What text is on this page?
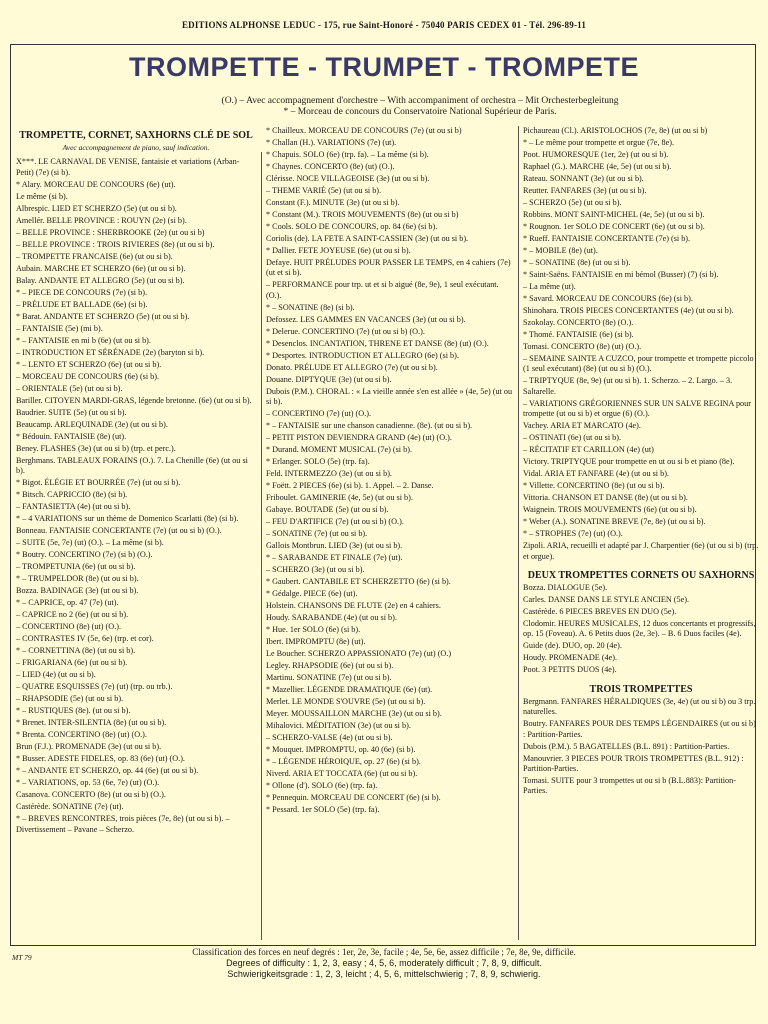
EDITIONS ALPHONSE LEDUC - 175, rue Saint-Honoré - 75040 PARIS CEDEX 01 - Tél. 296-89-11
TROMPETTE - TRUMPET - TROMPETE
(O.) – Avec accompagnement d'orchestre – With accompaniment of orchestra – Mit Orchesterbegleitung
* – Morceau de concours du Conservatoire National Supérieur de Paris.
TROMPETTE, CORNET, SAXHORNS CLÉ DE SOL
Avec accompagnement de piano, sauf indication.
X***. LE CARNAVAL DE VENISE, fantaisie et variations (Arban-Petit) (7e) (si b).
* Alary. MORCEAU DE CONCOURS (6e) (ut).
Le même (si b).
Albrespic. LIED ET SCHERZO (5e) (ut ou si b).
Amellér. BELLE PROVINCE : ROUYN (2e) (si b).
– BELLE PROVINCE : SHERBROOKE (2e) (ut ou si b)
– BELLE PROVINCE : TROIS RIVIERES (8e) (ut ou si b).
– TROMPETTE FRANCAISE (6e) (ut ou si b).
Aubain. MARCHE ET SCHERZO (6e) (ut ou si b).
Balay. ANDANTE ET ALLEGRO (5e) (ut ou si b).
* – PIECE DE CONCOURS (7e) (si b).
– PRÉLUDE ET BALLADE (6e) (si b).
* Barat. ANDANTE ET SCHERZO (5e) (ut ou si b).
– FANTAISIE (5e) (mi b).
* – FANTAISIE en mi b (6e) (ut ou si b).
– INTRODUCTION ET SÉRÉNADE (2e) (baryton si b).
* – LENTO ET SCHERZO (6e) (ut ou si b).
– MORCEAU DE CONCOURS (6e) (si b).
– ORIENTALE (5e) (ut ou si b).
Bariller. CITOYEN MARDI-GRAS, légende bretonne. (6e) (ut ou si b).
Baudrier. SUITE (5e) (ut ou si b).
Beaucamp. ARLEQUINADE (3e) (ut ou si b).
* Bédouin. FANTAISIE (8e) (ut).
Beney. FLASHES (3e) (ut ou si b) (trp. et perc.).
Berghmans. TABLEAUX FORAINS (O.). 7. La Chenille (6e) (ut ou si b).
* Bigot. ÉLÉGIE ET BOURRÉE (7e) (ut ou si b).
* Bitsch. CAPRICCIO (8e) (si b).
– FANTASIETTA (4e) (ut ou si b).
* – 4 VARIATIONS sur un thème de Domenico Scarlatti (8e) (si b).
Bonneau. FANTAISIE CONCERTANTE (7e) (ut ou si b) (O.).
– SUITE (5e, 7e) (ut) (O.). – La même (si b).
* Boutry. CONCERTINO (7e) (si b) (O.).
– TROMPETUNIA (6e) (ut ou si b).
* – TRUMPELDOR (8e) (ut ou si b).
Bozza. BADINAGE (3e) (ut ou si b).
* – CAPRICE, op. 47 (7e) (ut).
– CAPRICE no 2 (6e) (ut ou si b).
– CONCERTINO (8e) (ut) (O.).
– CONTRASTES IV (5e, 6e) (trp. et cor).
* – CORNETTINA (8e) (ut ou si b).
– FRIGARIANA (6e) (ut ou si b).
– LIED (4e) (ut ou si b).
– QUATRE ESQUISSES (7e) (ut) (trp. ou trb.).
– RHAPSODIE (5e) (ut ou si b).
* – RUSTIQUES (8e). (ut ou si b).
* Brenet. INTER-SILENTIA (8e) (ut ou si b).
* Brenta. CONCERTINO (8e) (ut) (O.).
Brun (F.J.). PROMENADE (3e) (ut ou si b).
* Busser. ADESTE FIDELES, op. 83 (6e) (ut) (O.).
* – ANDANTE ET SCHERZO, op. 44 (6e) (ut ou si b).
* – VARIATIONS, op. 53 (6e, 7e) (ut) (O.).
Casanova. CONCERTO (8e) (ut ou si b) (O.).
Castérède. SONATINE (7e) (ut).
* – BREVES RENCONTRES, trois pièces (7e, 8e) (ut ou si b). – Divertissement – Pavane – Scherzo.
* Chailleux. MORCEAU DE CONCOURS (7e) (ut ou si b)
* Challan (H.). VARIATIONS (7e) (ut).
* Chapuis. SOLO (6e) (trp. fa). – La même (si b).
* Chaynes. CONCERTO (8e) (ut) (O.).
Clérisse. NOCE VILLAGEOISE (3e) (ut ou si b).
– THEME VARIÉ (5e) (ut ou si b).
Constant (F.). MINUTE (3e) (ut ou si b).
* Constant (M.). TROIS MOUVEMENTS (8e) (ut ou si b)
* Cools. SOLO DE CONCOURS, op. 84 (6e) (si b).
Coriolis (de). LA FETE A SAINT-CASSIEN (3e) (ut ou si b).
* Dallier. FETE JOYEUSE (6e) (ut ou si b).
Defaye. HUIT PRÉLUDES POUR PASSER LE TEMPS, en 4 cahiers (7e) (ut et si b).
– PERFORMANCE pour trp. ut et si b aigué (8e, 9e), 1 seul exécutant. (O.).
* – SONATINE (8e) (si b).
Defossez. LES GAMMES EN VACANCES (3e) (ut ou si b).
* Delerue. CONCERTINO (7e) (ut ou si b) (O.).
* Desenclos. INCANTATION, THRENE ET DANSE (8e) (ut) (O.).
* Desportes. INTRODUCTION ET ALLEGRO (6e) (si b).
Donato. PRÉLUDE ET ALLEGRO (7e) (ut ou si b).
Douane. DIPTYQUE (3e) (ut ou si b).
Dubois (P.M.). CHORAL : « La vieille année s'en est allée » (4e, 5e) (ut ou si b).
– CONCERTINO (7e) (ut) (O.).
* – FANTAISIE sur une chanson canadienne. (8e). (ut ou si b).
– PETIT PISTON DEVIENDRA GRAND (4e) (ut) (O.).
* Durand. MOMENT MUSICAL (7e) (si b).
* Erlanger. SOLO (5e) (trp. fa).
Feld. INTERMEZZO (3e) (ut ou si b).
* Foëtt. 2 PIECES (6e) (si b). 1. Appel. – 2. Danse.
Friboulet. GAMINERIE (4e, 5e) (ut ou si b).
Gabaye. BOUTADE (5e) (ut ou si b).
– FEU D'ARTIFICE (7e) (ut ou si b) (O.).
– SONATINE (7e) (ut ou si b).
Gallois Montbrun. LIED (3e) (ut ou si b).
* – SARABANDE ET FINALE (7e) (ut).
– SCHERZO (3e) (ut ou si b).
* Gaubert. CANTABILE ET SCHERZETTO (6e) (si b).
* Gédalge. PIECE (6e) (ut).
Holstein. CHANSONS DE FLUTE (2e) en 4 cahiers.
Houdy. SARABANDE (4e) (ut ou si b).
* Hue. 1er SOLO (6e) (si b).
Ibert. IMPROMPTU (8e) (ut).
Le Boucher. SCHERZO APPASSIONATO (7e) (ut) (O.)
Legley. RHAPSODIE (6e) (ut ou si b).
Martinu. SONATINE (7e) (ut ou si b).
* Mazellier. LÉGENDE DRAMATIQUE (6e) (ut).
Merlet. LE MONDE S'OUVRE (5e) (ut ou si b).
Meyer. MOUSSAILLON MARCHE (3e) (ut ou si b).
Mihalovici. MÉDITATION (3e) (ut ou si b).
– SCHERZO-VALSE (4e) (ut ou si b).
* Mouquet. IMPROMPTU, op. 40 (6e) (si b).
* – LÉGENDE HÉROIQUE, op. 27 (6e) (si b).
Niverd. ARIA ET TOCCATA (6e) (ut ou si b).
* Ollone (d'). SOLO (6e) (trp. fa).
* Pennequin. MORCEAU DE CONCERT (6e) (si b).
* Pessard. 1er SOLO (5e) (trp. fa).
Pichaureau (Cl.). ARISTOLOCHOS (7e, 8e) (ut ou si b)
* – Le même pour trompette et orgue (7e, 8e).
Poot. HUMORESQUE (1er, 2e) (ut ou si b).
Raphael (G.). MARCHE (4e, 5e) (ut ou si b).
Rateau. SONNANT (3e) (ut ou si b).
Reutter. FANFARES (3e) (ut ou si b).
– SCHERZO (5e) (ut ou si b).
Robbins. MONT SAINT-MICHEL (4e, 5e) (ut ou si b).
* Rougnon. 1er SOLO DE CONCERT (6e) (ut ou si b).
* Rueff. FANTAISIE CONCERTANTE (7e) (si b).
* – MOBILE (8e) (ut).
* – SONATINE (8e) (ut ou si b).
* Saint-Saëns. FANTAISIE en mi bémol (Busser) (7) (si b).
– La même (ut).
* Savard. MORCEAU DE CONCOURS (6e) (si b).
Shinohara. TROIS PIECES CONCERTANTES (4e) (ut ou si b).
Szokolay. CONCERTO (8e) (O.).
* Thomé. FANTAISIE (6e) (si b).
Tomasi. CONCERTO (8e) (ut) (O.).
– SEMAINE SAINTE A CUZCO, pour trompette et trompette piccolo (1 seul exécutant) (8e) (ut ou si b) (O.).
– TRIPTYQUE (8e, 9e) (ut ou si b). 1. Scherzo. – 2. Largo. – 3. Saltarelle.
– VARIATIONS GRÉGORIENNES SUR UN SALVE REGINA pour trompette (ut ou si b) et orgue (6) (O.).
Vachey. ARIA ET MARCATO (4e).
– OSTINATI (6e) (ut ou si b).
– RÉCITATIF ET CARILLON (4e) (ut)
Victory. TRIPTYQUE pour trompette en ut ou si b et piano (8e).
Vidal. ARIA ET FANFARE (4e) (ut ou si b).
* Villette. CONCERTINO (8e) (ut ou si b).
Vittoria. CHANSON ET DANSE (8e) (ut ou si b).
Waignein. TROIS MOUVEMENTS (6e) (ut ou si b).
* Weber (A.). SONATINE BREVE (7e, 8e) (ut ou si b).
* – STROPHES (7e) (ut) (O.).
Zipoli. ARIA, recueilli et adapté par J. Charpentier (6e) (ut ou si b) (trp. et orgue).
DEUX TROMPETTES CORNETS OU SAXHORNS
Bozza. DIALOGUE (5e).
Carles. DANSE DANS LE STYLE ANCIEN (5e).
Castérède. 6 PIECES BREVES EN DUO (5e).
Clodomir. HEURES MUSICALES, 12 duos concertants et progressifs, op. 15 (Foveau). A. 6 Petits duos (2e, 3e). – B. 6 Duos faciles (4e).
Guide (de). DUO, op. 20 (4e).
Houdy. PROMENADE (4e).
Poot. 3 PETITS DUOS (4e).
TROIS TROMPETTES
Bergmann. FANFARES HÉRALDIQUES (3e, 4e) (ut ou si b) ou 3 trp. naturelles.
Boutry. FANFARES POUR DES TEMPS LÉGENDAIRES (ut ou si b) : Partition-Parties.
Dubois (P.M.). 5 BAGATELLES (B.L. 891) : Partition-Parties.
Manouvrier. 3 PIECES POUR TROIS TROMPETTES (B.L. 912) : Partition-Parties.
Tomasi. SUITE pour 3 trompettes ut ou si b (B.L.883): Partition-Parties.
MT 79
Classification des forces en neuf degrés : 1er, 2e, 3e, facile ; 4e, 5e, 6e, assez difficile ; 7e, 8e, 9e, difficile.
Degrees of difficulty : 1, 2, 3, easy ; 4, 5, 6, moderately difficult ; 7, 8, 9, difficult.
Schwierigkeitsgrade : 1, 2, 3, leicht ; 4, 5, 6, mittelschwierig ; 7, 8, 9, schwierig.
